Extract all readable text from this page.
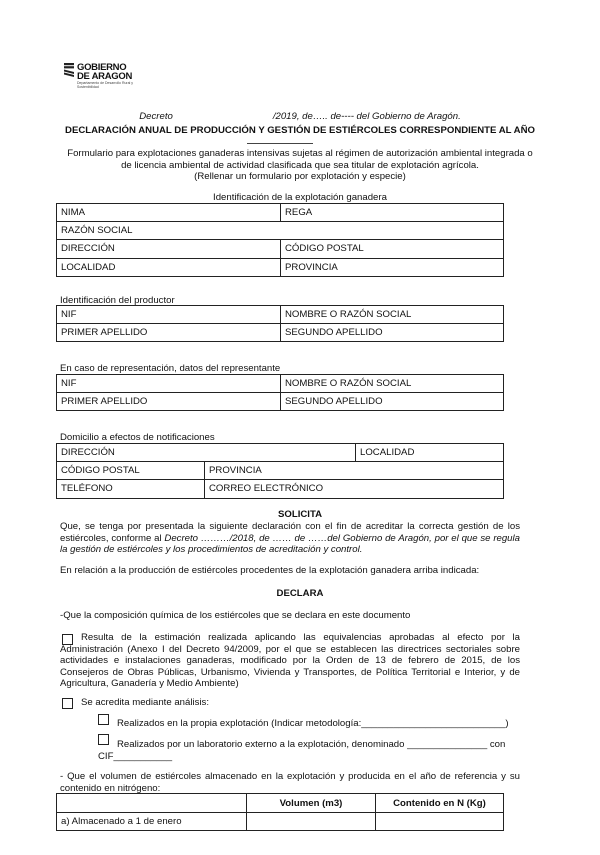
GOBIERNO
DE ARAGON
Departamento de Desarrollo Rural y Sostenibilidad
Decreto	/2019, de….. de---- del Gobierno de Aragón.
DECLARACIÓN ANUAL DE PRODUCCIÓN Y GESTIÓN DE ESTIÉRCOLES CORRESPONDIENTE AL AÑO
Formulario para explotaciones ganaderas intensivas sujetas al régimen de autorización ambiental integrada o
de licencia ambiental de actividad clasificada que sea titular de explotación agrícola.
(Rellenar un formulario por explotación y especie)
Identificación de la explotación ganadera
NIMA	REGA
RAZÓN SOCIAL	
DIRECCIÓN	CÓDIGO POSTAL
LOCALIDAD	PROVINCIA
Identificación del productor
NIF	NOMBRE O RAZÓN SOCIAL
PRIMER APELLIDO	SEGUNDO APELLIDO
En caso de representación, datos del representante
NIF	NOMBRE O RAZÓN SOCIAL
PRIMER APELLIDO	SEGUNDO APELLIDO
Domicilio a efectos de notificaciones
DIRECCIÓN		LOCALIDAD
CÓDIGO POSTAL	PROVINCIA	
TELÉFONO	CORREO ELECTRÓNICO	
SOLICITA
Que, se tenga por presentada la siguiente declaración con el fin de acreditar la correcta gestión de los estiércoles, conforme al Decreto ………/2018, de …… de ……del Gobierno de Aragón, por el que se regula la gestión de estiércoles y los procedimientos de acreditación y control.
En relación a la producción de estiércoles procedentes de la explotación ganadera arriba indicada:
DECLARA
-Que la composición química de los estiércoles que se declara en este documento
Resulta de la estimación realizada aplicando las equivalencias aprobadas al efecto por la Administración (Anexo I del Decreto 94/2009, por el que se establecen las directrices sectoriales sobre actividades e instalaciones ganaderas, modificado por la Orden de 13 de febrero de 2015, de los Consejeros de Obras Públicas, Urbanismo, Vivienda y Transportes, de Política Territorial e Interior, y de Agricultura, Ganadería y Medio Ambiente)
Se acredita mediante análisis:
Realizados en la propia explotación (Indicar metodología:___________________________)
Realizados por un laboratorio externo a la explotación, denominado _______________ con
CIF___________
- Que el volumen de estiércoles almacenado en la explotación y producida en el año de referencia y su contenido en nitrógeno:
	Volumen (m3)	Contenido en N (Kg)
a) Almacenado a 1 de enero		
